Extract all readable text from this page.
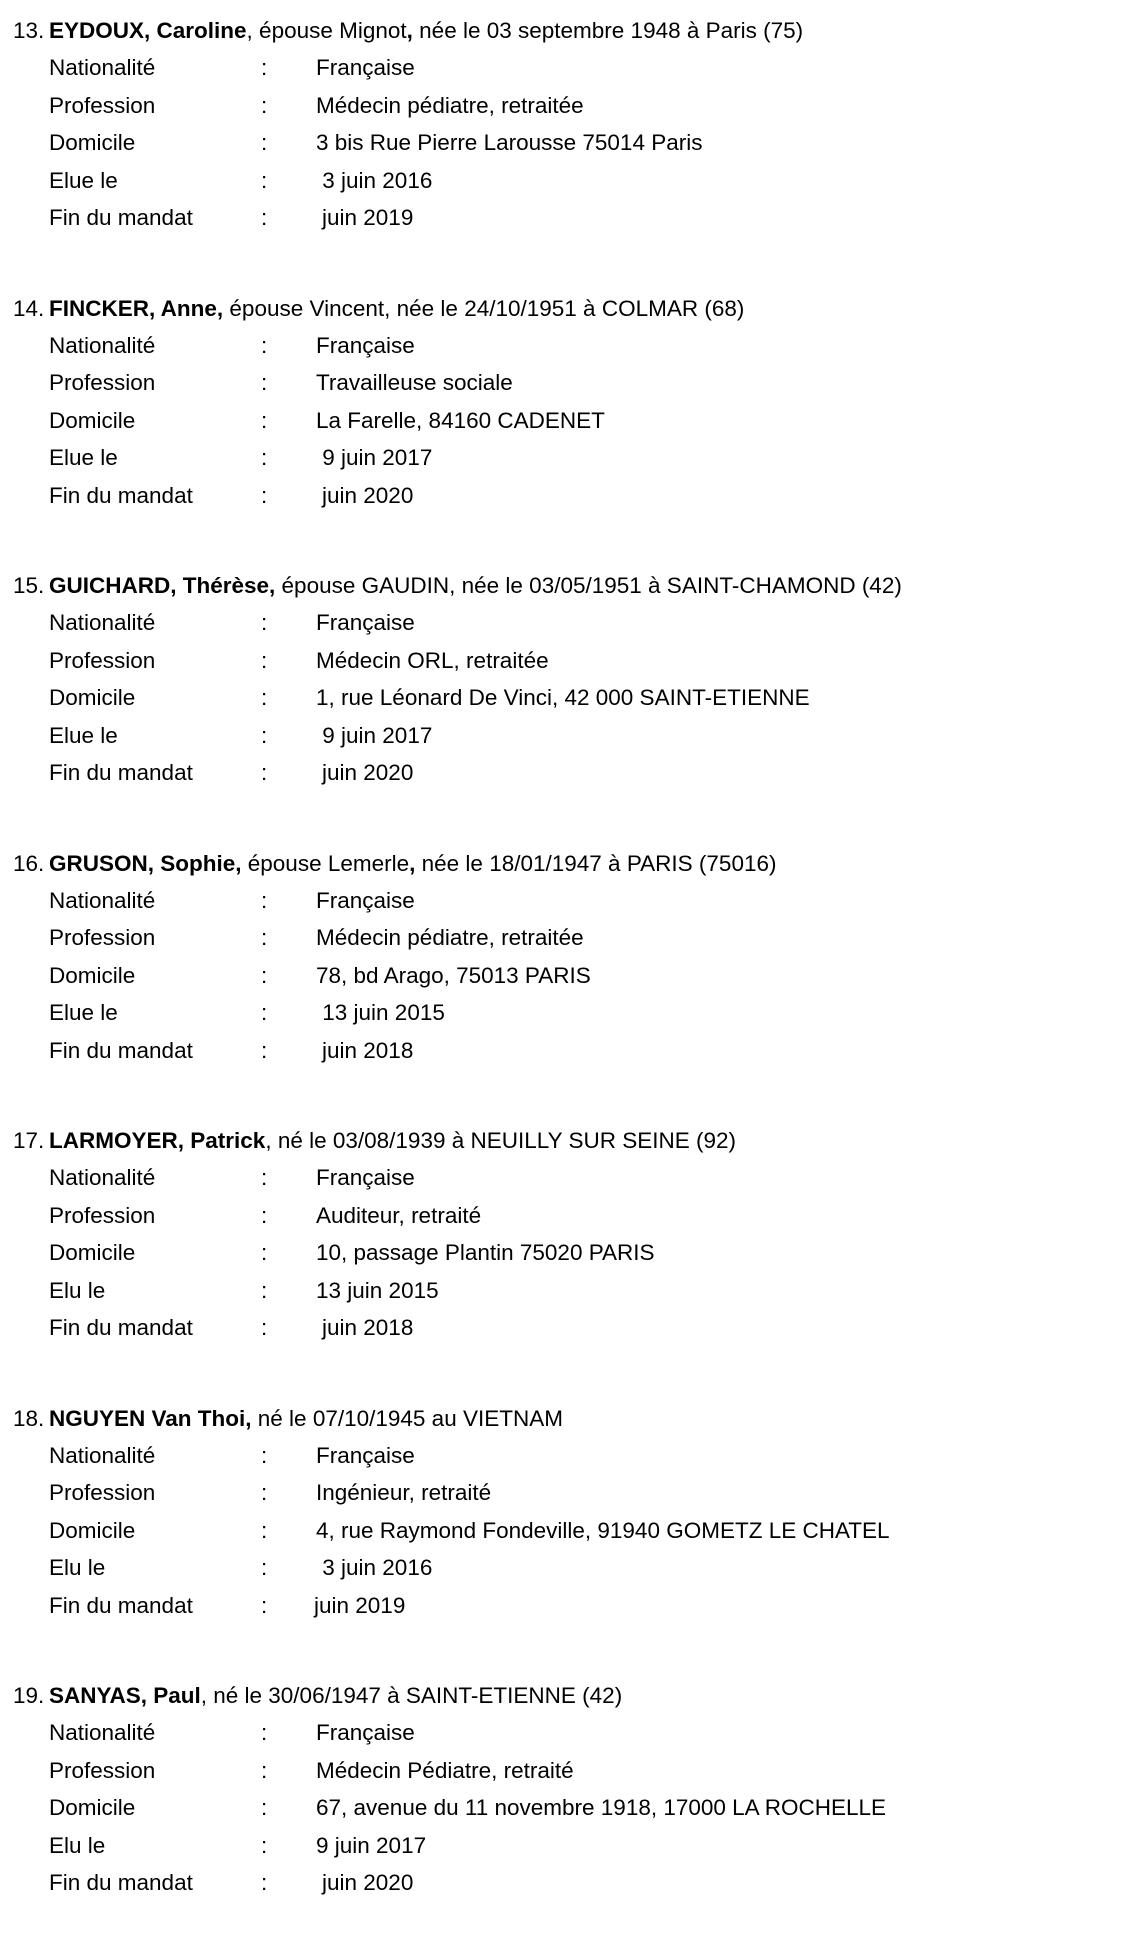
13. EYDOUX, Caroline, épouse Mignot, née le 03 septembre 1948 à Paris (75)
Nationalité	: Française
Profession	: Médecin pédiatre, retraitée
Domicile	: 3 bis Rue Pierre Larousse 75014 Paris
Elue le	: 3 juin 2016
Fin du mandat	: juin 2019
14. FINCKER, Anne, épouse Vincent, née le 24/10/1951 à COLMAR (68)
Nationalité	: Française
Profession	: Travailleuse sociale
Domicile	: La Farelle, 84160 CADENET
Elue le	: 9 juin 2017
Fin du mandat	: juin 2020
15. GUICHARD, Thérèse, épouse GAUDIN, née le 03/05/1951 à SAINT-CHAMOND (42)
Nationalité	: Française
Profession	: Médecin ORL, retraitée
Domicile	: 1, rue Léonard De Vinci, 42 000 SAINT-ETIENNE
Elue le	: 9 juin 2017
Fin du mandat	: juin 2020
16. GRUSON, Sophie, épouse Lemerle, née le 18/01/1947 à PARIS (75016)
Nationalité	: Française
Profession	: Médecin pédiatre, retraitée
Domicile	: 78, bd Arago, 75013 PARIS
Elue le	: 13 juin 2015
Fin du mandat	: juin 2018
17. LARMOYER, Patrick, né le 03/08/1939 à NEUILLY SUR SEINE (92)
Nationalité	: Française
Profession	: Auditeur, retraité
Domicile	: 10, passage Plantin 75020 PARIS
Elu le	: 13 juin 2015
Fin du mandat	: juin 2018
18. NGUYEN Van Thoi, né le 07/10/1945 au VIETNAM
Nationalité	: Française
Profession	: Ingénieur, retraité
Domicile	: 4, rue Raymond Fondeville, 91940 GOMETZ LE CHATEL
Elu le	: 3 juin 2016
Fin du mandat	: juin 2019
19. SANYAS, Paul, né le 30/06/1947 à SAINT-ETIENNE (42)
Nationalité	: Française
Profession	: Médecin Pédiatre, retraité
Domicile	: 67, avenue du 11 novembre 1918, 17000 LA ROCHELLE
Elu le	: 9 juin 2017
Fin du mandat	: juin 2020
